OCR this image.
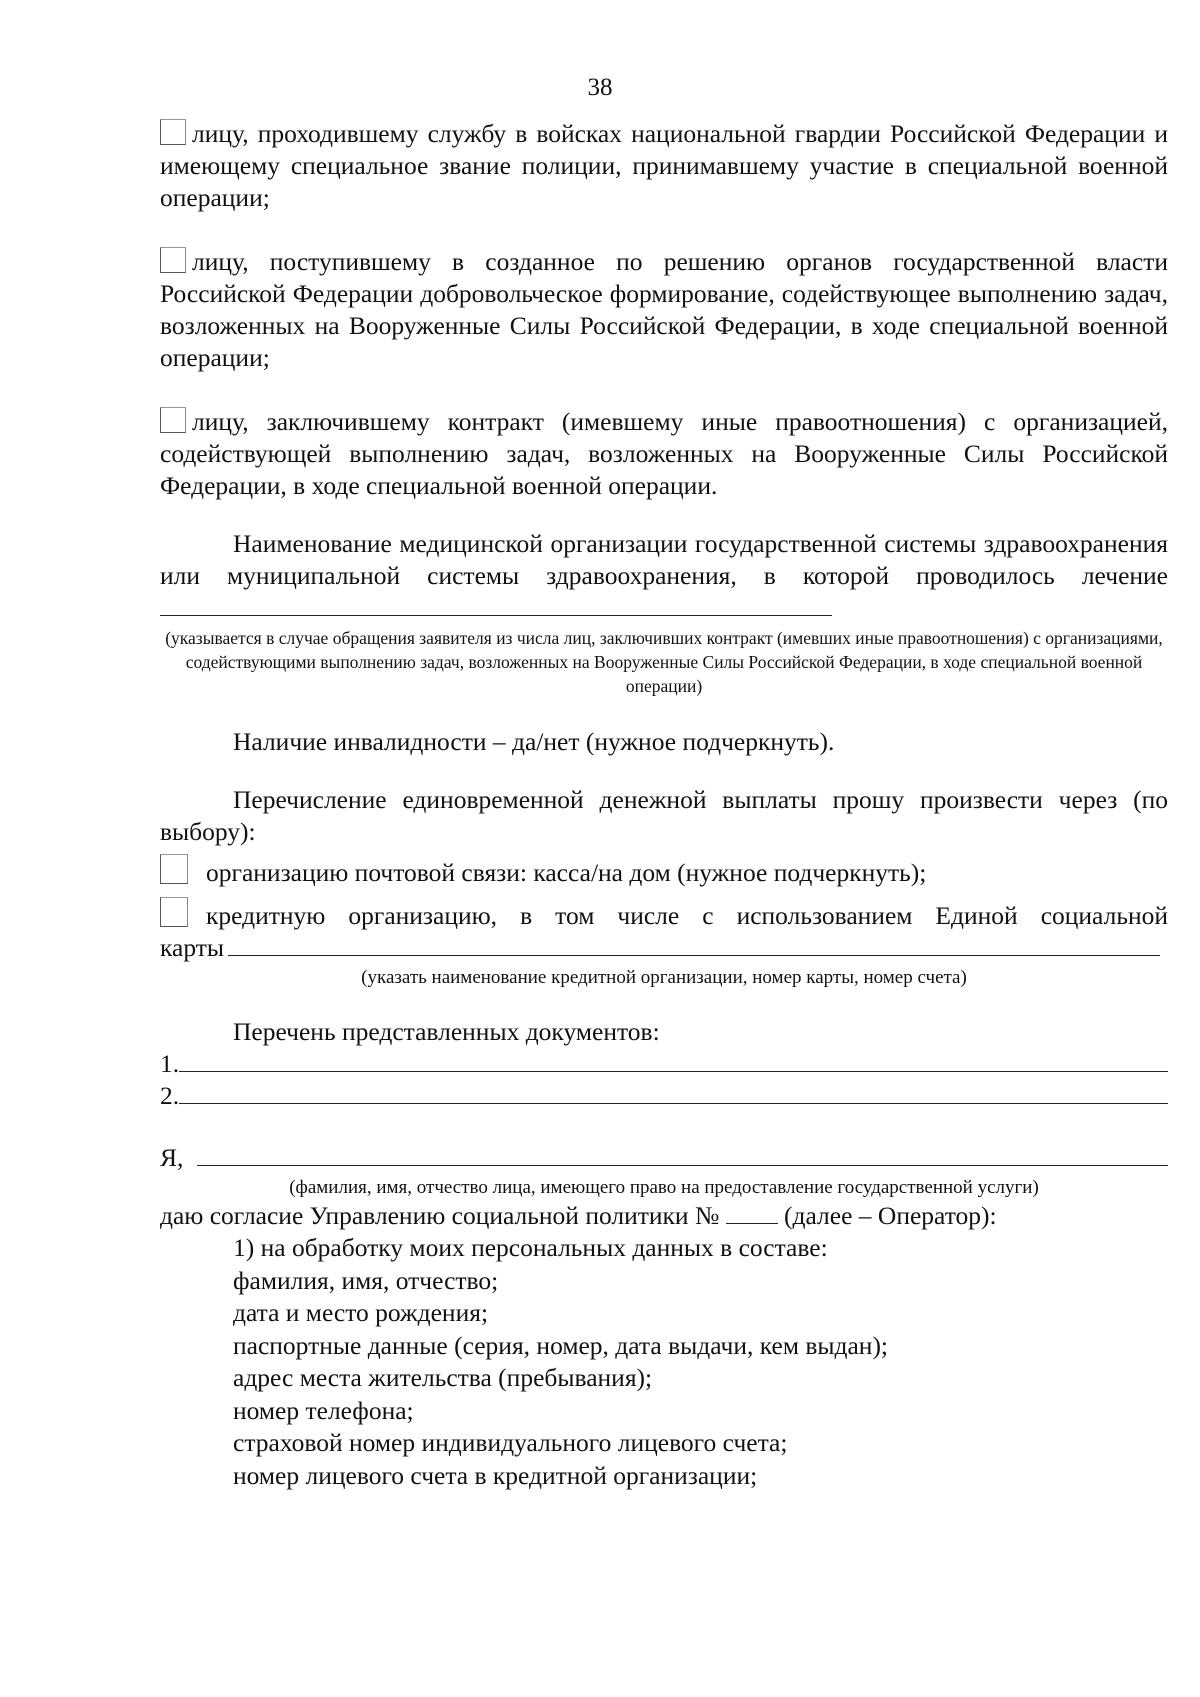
38

лицу, проходившему службу в войсках национальной гвардии Российской Федерации и имеющему специальное звание полиции, принимавшему участие в специальной военной операции;

лицу, поступившему в созданное по решению органов государственной власти Российской Федерации добровольческое формирование, содействующее выполнению задач, возложенных на Вооруженные Силы Российской Федерации, в ходе специальной военной операции;

лицу, заключившему контракт (имевшему иные правоотношения) с организацией, содействующей выполнению задач, возложенных на Вооруженные Силы Российской Федерации, в ходе специальной военной операции.

Наименование медицинской организации государственной системы здравоохранения или муниципальной системы здравоохранения, в которой проводилось лечение

(указывается в случае обращения заявителя из числа лиц, заключивших контракт (имевших иные правоотношения) с организациями, содействующими выполнению задач, возложенных на Вооруженные Силы Российской Федерации, в ходе специальной военной операции)

Наличие инвалидности – да/нет (нужное подчеркнуть).

Перечисление единовременной денежной выплаты прошу произвести через (по выбору):

организацию почтовой связи: касса/на дом (нужное подчеркнуть);

кредитную организацию, в том числе с использованием Единой социальной

карты

(указать наименование кредитной организации, номер карты, номер счета)

Перечень представленных документов:

1.
2.
Я,

(фамилия, имя, отчество лица, имеющего право на предоставление государственной услуги)

даю согласие Управлению социальной политики №	(далее – Оператор):

1) на обработку моих персональных данных в составе:
фамилия, имя, отчество;
дата и место рождения;
паспортные данные (серия, номер, дата выдачи, кем выдан);
адрес места жительства (пребывания);
номер телефона;
страховой номер индивидуального лицевого счета;
номер лицевого счета в кредитной организации;
